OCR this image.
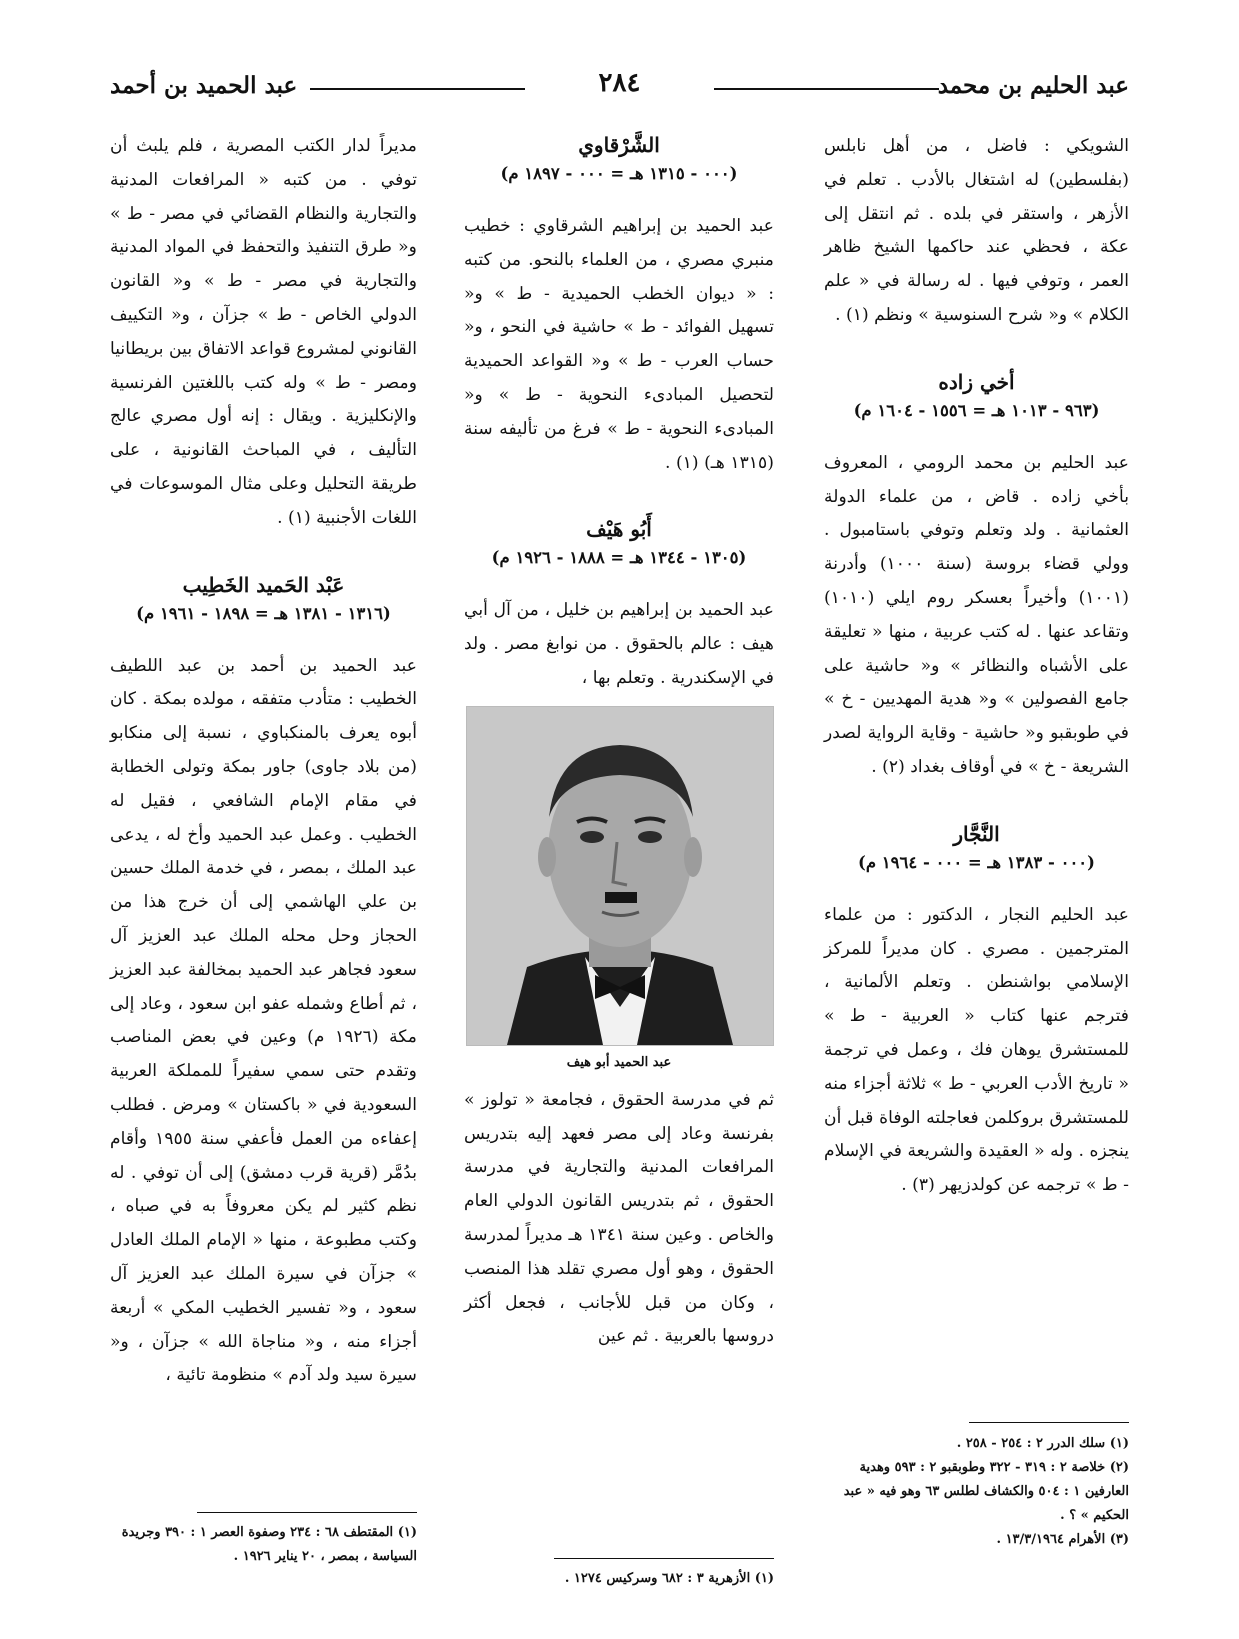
عبد الحليم بن محمد
٢٨٤
عبد الحميد بن أحمد

الشويكي : فاضل ، من أهل نابلس (بفلسطين) له اشتغال بالأدب . تعلم في الأزهر ، واستقر في بلده . ثم انتقل إلى عكة ، فحظي عند حاكمها الشيخ ظاهر العمر ، وتوفي فيها . له رسالة في « علم الكلام » و« شرح السنوسية » ونظم (١) .

أخي زاده
(٩٦٣ - ١٠١٣ هـ = ١٥٥٦ - ١٦٠٤ م)

عبد الحليم بن محمد الرومي ، المعروف بأخي زاده . قاض ، من علماء الدولة العثمانية . ولد وتعلم وتوفي باستامبول . وولي قضاء بروسة (سنة ١٠٠٠) وأدرنة (١٠٠١) وأخيراً بعسكر روم ايلي (١٠١٠) وتقاعد عنها . له كتب عربية ، منها « تعليقة على الأشباه والنظائر » و« حاشية على جامع الفصولين » و« هدية المهديين - خ » في طوبقبو و« حاشية - وقاية الرواية لصدر الشريعة - خ » في أوقاف بغداد (٢) .

النَّجَّار
(٠٠٠ - ١٣٨٣ هـ = ٠٠٠ - ١٩٦٤ م)

عبد الحليم النجار ، الدكتور : من علماء المترجمين . مصري . كان مديراً للمركز الإسلامي بواشنطن . وتعلم الألمانية ، فترجم عنها كتاب « العربية - ط » للمستشرق يوهان فك ، وعمل في ترجمة « تاريخ الأدب العربي - ط » ثلاثة أجزاء منه للمستشرق بروكلمن فعاجلته الوفاة قبل أن ينجزه . وله « العقيدة والشريعة في الإسلام - ط » ترجمه عن كولدزيهر (٣) .

الشَّرْقاوي
(٠٠٠ - ١٣١٥ هـ = ٠٠٠ - ١٨٩٧ م)

عبد الحميد بن إبراهيم الشرقاوي : خطيب منبري مصري ، من العلماء بالنحو. من كتبه : « ديوان الخطب الحميدية - ط » و« تسهيل الفوائد - ط » حاشية في النحو ، و« حساب العرب - ط » و« القواعد الحميدية لتحصيل المبادىء النحوية - ط » و« المبادىء النحوية - ط » فرغ من تأليفه سنة (١٣١٥ هـ) (١) .

أَبُو هَيْف
(١٣٠٥ - ١٣٤٤ هـ = ١٨٨٨ - ١٩٢٦ م)

عبد الحميد بن إبراهيم بن خليل ، من آل أبي هيف : عالم بالحقوق . من نوابغ مصر . ولد في الإسكندرية . وتعلم بها ،

عبد الحميد أبو هيف

ثم في مدرسة الحقوق ، فجامعة « تولوز » بفرنسة وعاد إلى مصر فعهد إليه بتدريس المرافعات المدنية والتجارية في مدرسة الحقوق ، ثم بتدريس القانون الدولي العام والخاص . وعين سنة ١٣٤١ هـ مديراً لمدرسة الحقوق ، وهو أول مصري تقلد هذا المنصب ، وكان من قبل للأجانب ، فجعل أكثر دروسها بالعربية . ثم عين

مديراً لدار الكتب المصرية ، فلم يلبث أن توفي . من كتبه « المرافعات المدنية والتجارية والنظام القضائي في مصر - ط » و« طرق التنفيذ والتحفظ في المواد المدنية والتجارية في مصر - ط » و« القانون الدولي الخاص - ط » جزآن ، و« التكييف القانوني لمشروع قواعد الاتفاق بين بريطانيا ومصر - ط » وله كتب باللغتين الفرنسية والإنكليزية . ويقال : إنه أول مصري عالج التأليف ، في المباحث القانونية ، على طريقة التحليل وعلى مثال الموسوعات في اللغات الأجنبية (١) .

عَبْد الحَميد الخَطِيب
(١٣١٦ - ١٣٨١ هـ = ١٨٩٨ - ١٩٦١ م)

عبد الحميد بن أحمد بن عبد اللطيف الخطيب : متأدب متفقه ، مولده بمكة . كان أبوه يعرف بالمنكباوي ، نسبة إلى منكابو (من بلاد جاوى) جاور بمكة وتولى الخطابة في مقام الإمام الشافعي ، فقيل له الخطيب . وعمل عبد الحميد وأخ له ، يدعى عبد الملك ، بمصر ، في خدمة الملك حسين بن علي الهاشمي إلى أن خرج هذا من الحجاز وحل محله الملك عبد العزيز آل سعود فجاهر عبد الحميد بمخالفة عبد العزيز ، ثم أطاع وشمله عفو ابن سعود ، وعاد إلى مكة (١٩٢٦ م) وعين في بعض المناصب وتقدم حتى سمي سفيراً للمملكة العربية السعودية في « باكستان » ومرض . فطلب إعفاءه من العمل فأعفي سنة ١٩٥٥ وأقام بدُمَّر (قرية قرب دمشق) إلى أن توفي . له نظم كثير لم يكن معروفاً به في صباه ، وكتب مطبوعة ، منها « الإمام الملك العادل » جزآن في سيرة الملك عبد العزيز آل سعود ، و« تفسير الخطيب المكي » أربعة أجزاء منه ، و« مناجاة الله » جزآن ، و« سيرة سيد ولد آدم » منظومة تائية ،

(١) سلك الدرر ٢ : ٢٥٤ - ٢٥٨ .

(٢) خلاصة ٢ : ٣١٩ - ٣٢٢ وطوبقبو ٢ : ٥٩٣ وهدية العارفين ١ : ٥٠٤ والكشاف لطلس ٦٣ وهو فيه « عبد الحكيم » ؟ .

(٣) الأهرام ١٣/٣/١٩٦٤ .

(١) الأزهرية ٣ : ٦٨٢ وسركيس ١٢٧٤ .

(١) المقتطف ٦٨ : ٢٣٤ وصفوة العصر ١ : ٣٩٠ وجريدة السياسة ، بمصر ، ٢٠ يناير ١٩٢٦ .
